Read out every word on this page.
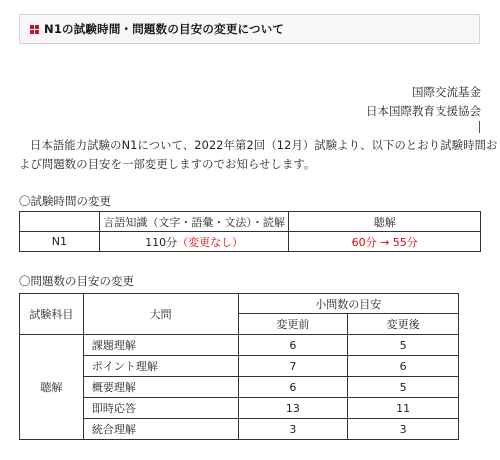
N1の試験時間・問題数の目安の変更について
国際交流基金
日本国際教育支援協会
日本語能力試験のN1について、2022年第2回（12月）試験より、以下のとおり試験時間お
よび問題数の目安を一部変更しますのでお知らせします。
〇試験時間の変更
	言語知識（文字・語彙・文法）・読解	聴解
N1	110分（変更なし）	60分 → 55分
〇問題数の目安の変更
試験科目	大問	小問数の目安	
		変更前	変更後
聴解	課題理解	6	5
	ポイント理解	7	6
	概要理解	6	5
	即時応答	13	11
	統合理解	3	3
